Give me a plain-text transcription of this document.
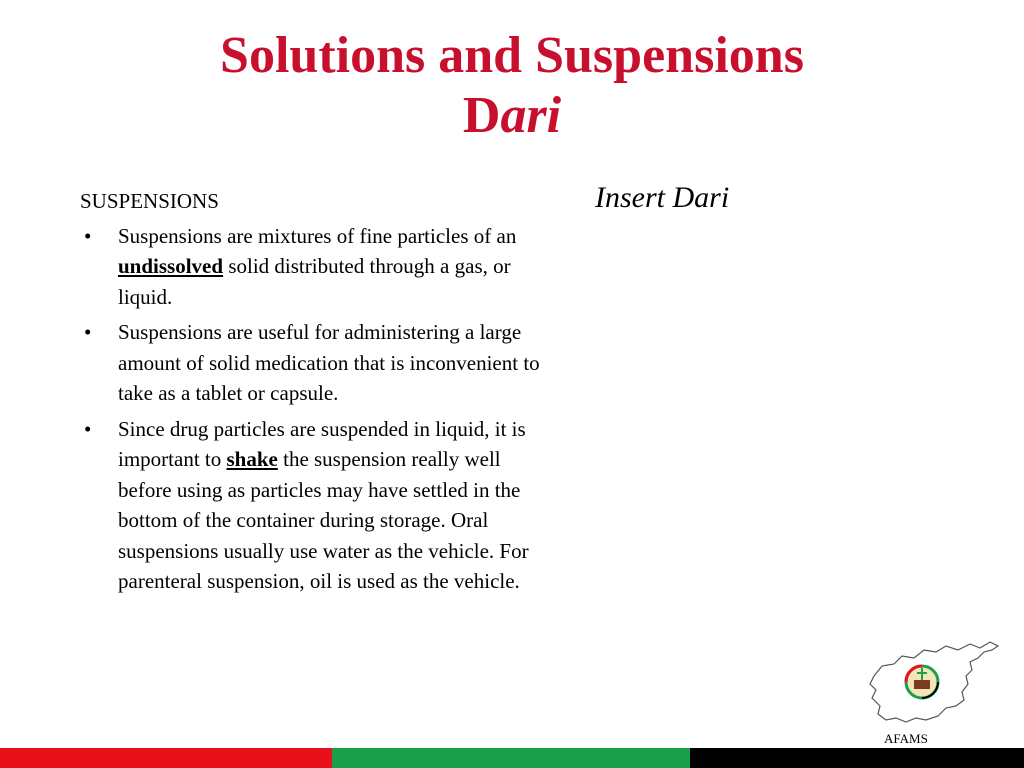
Solutions and Suspensions
Dari

SUSPENSIONS

• Suspensions are mixtures of fine particles of an undissolved solid distributed through a gas, or liquid.
• Suspensions are useful for administering a large amount of solid medication that is inconvenient to take as a tablet or capsule.
• Since drug particles are suspended in liquid, it is important to shake the suspension really well before using as particles may have settled in the bottom of the container during storage. Oral suspensions usually use water as the vehicle. For parenteral suspension, oil is used as the vehicle.
Insert Dari
AFAMS
